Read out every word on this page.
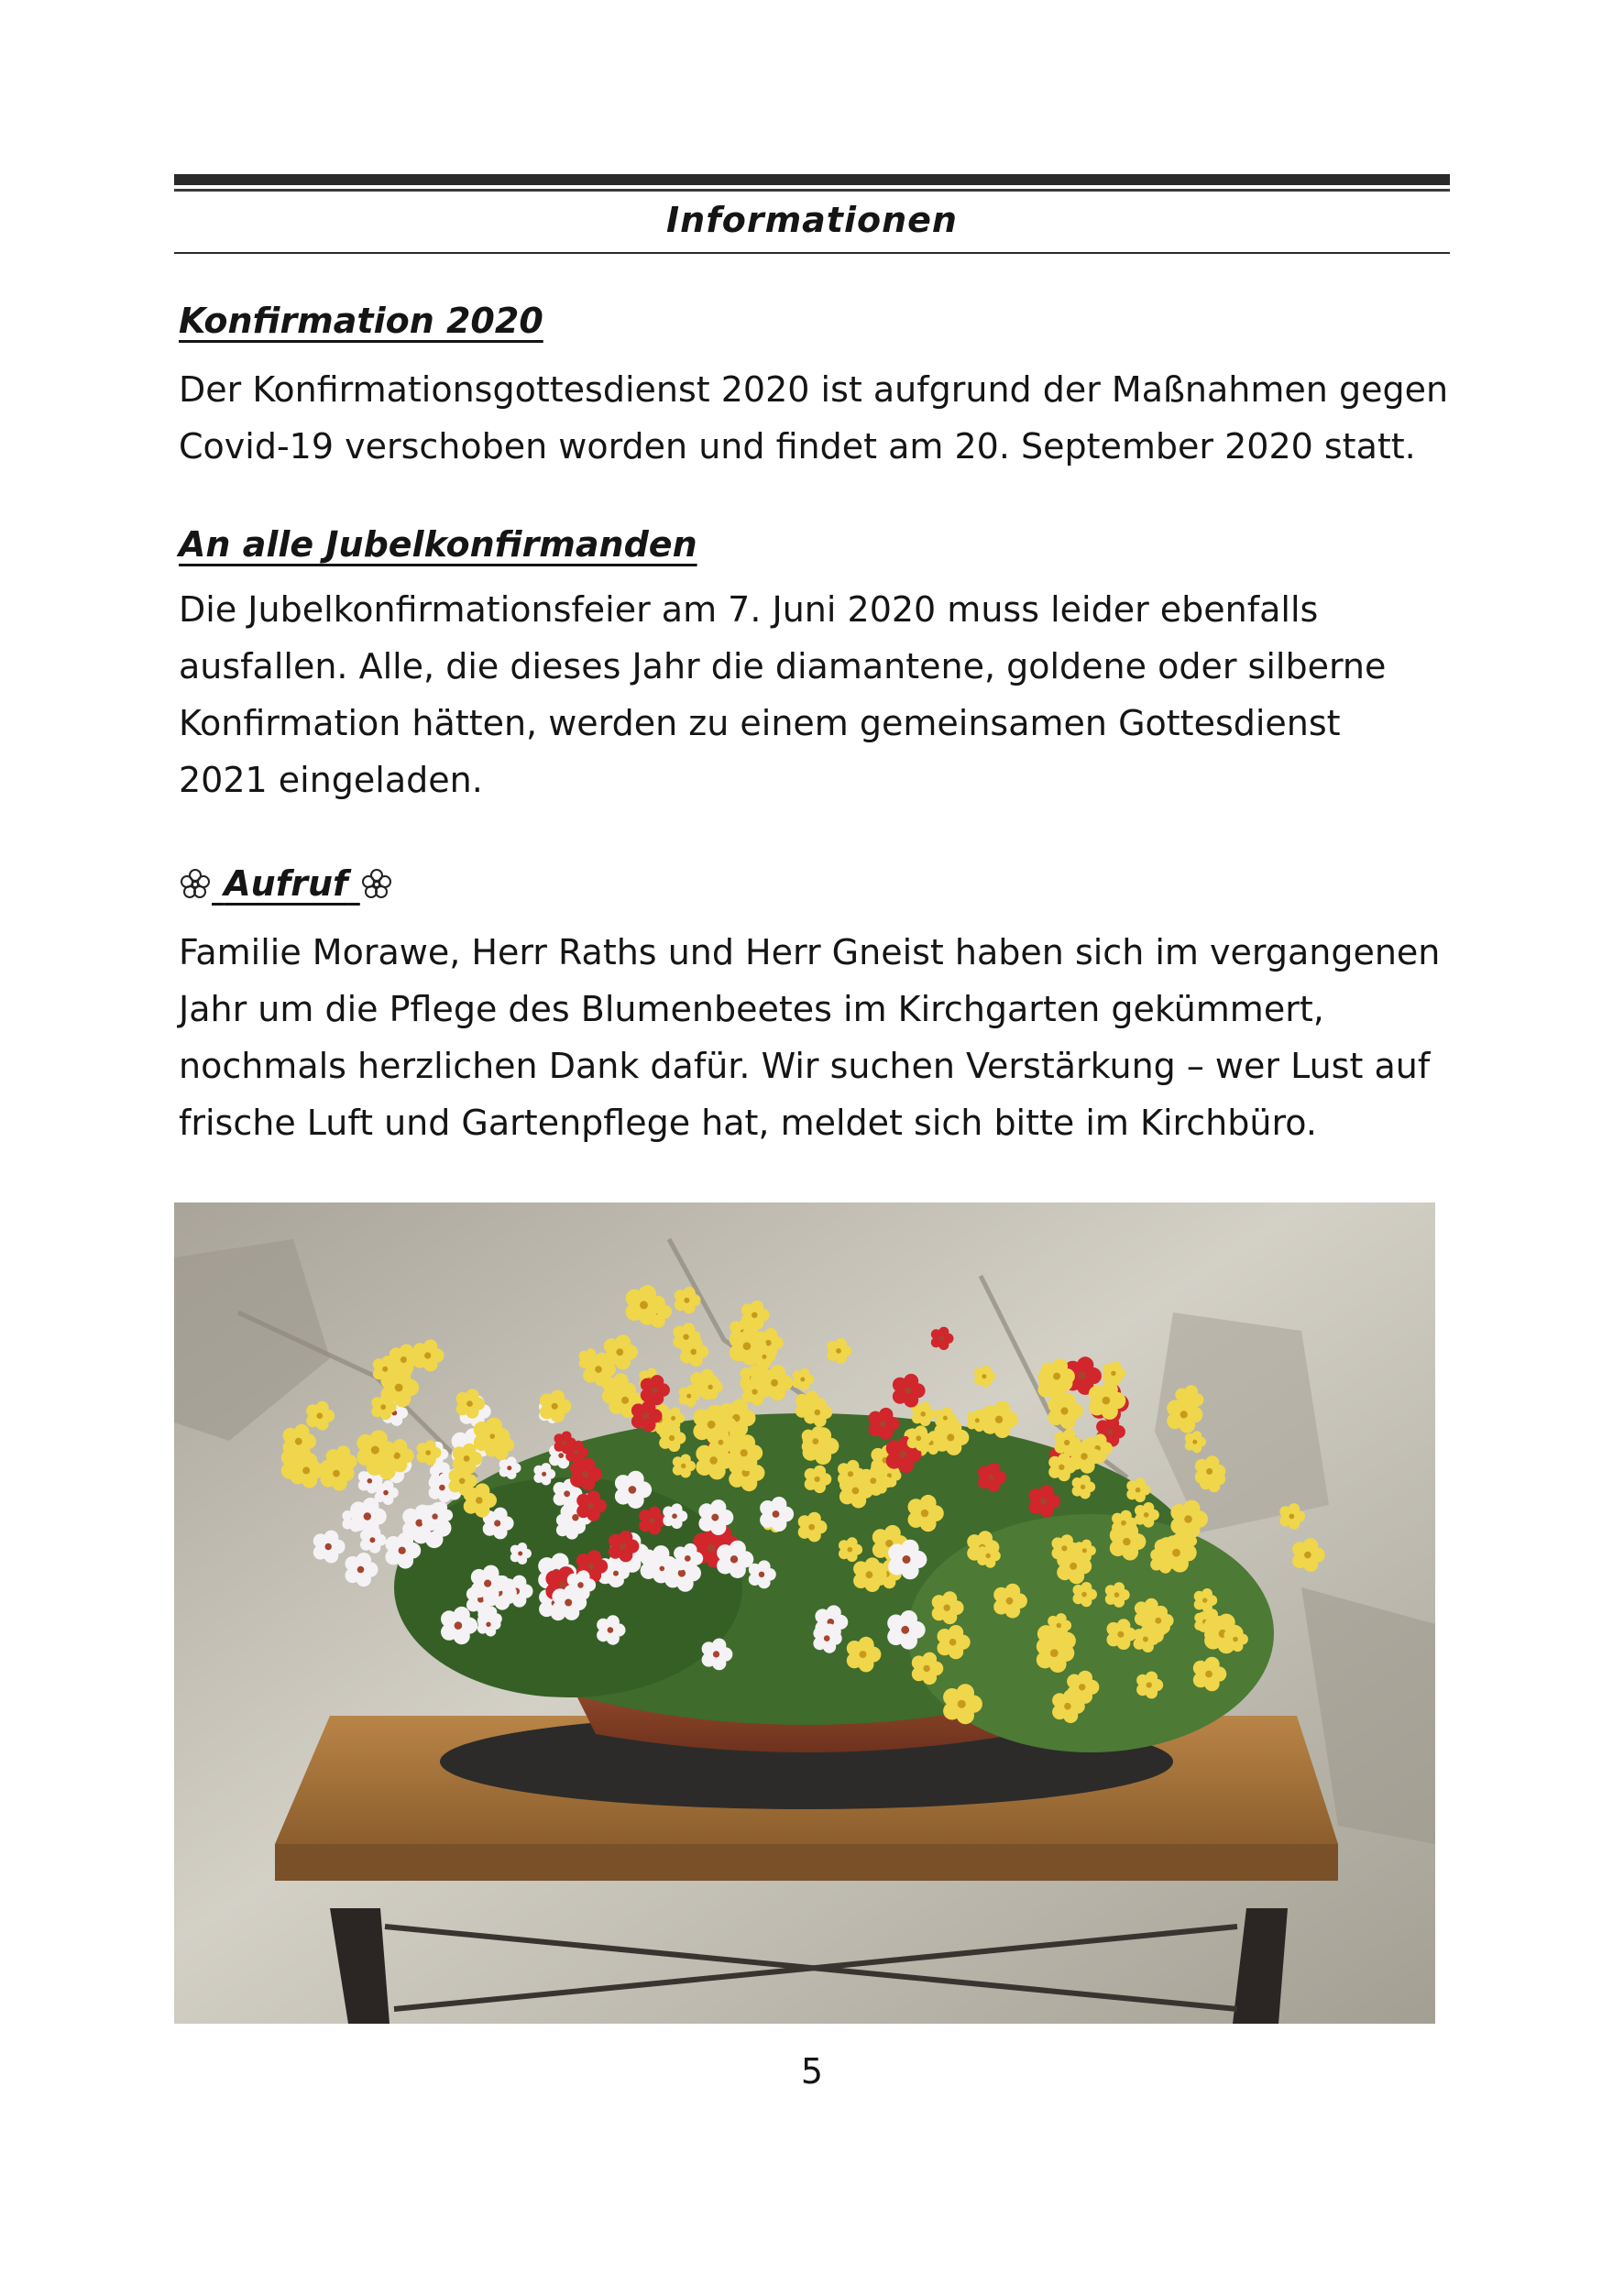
Informationen
Konfirmation 2020

Der Konfirmationsgottesdienst 2020 ist aufgrund der Maßnahmen gegen
Covid-19 verschoben worden und findet am 20. September 2020 statt.

An alle Jubelkonfirmanden

Die Jubelkonfirmationsfeier am 7. Juni 2020 muss leider ebenfalls
ausfallen. Alle, die dieses Jahr die diamantene, goldene oder silberne
Konfirmation hätten, werden zu einem gemeinsamen Gottesdienst
2021 eingeladen.

Aufruf

Familie Morawe, Herr Raths und Herr Gneist haben sich im vergangenen
Jahr um die Pflege des Blumenbeetes im Kirchgarten gekümmert,
nochmals herzlichen Dank dafür. Wir suchen Verstärkung – wer Lust auf
frische Luft und Gartenpflege hat, meldet sich bitte im Kirchbüro.

5
